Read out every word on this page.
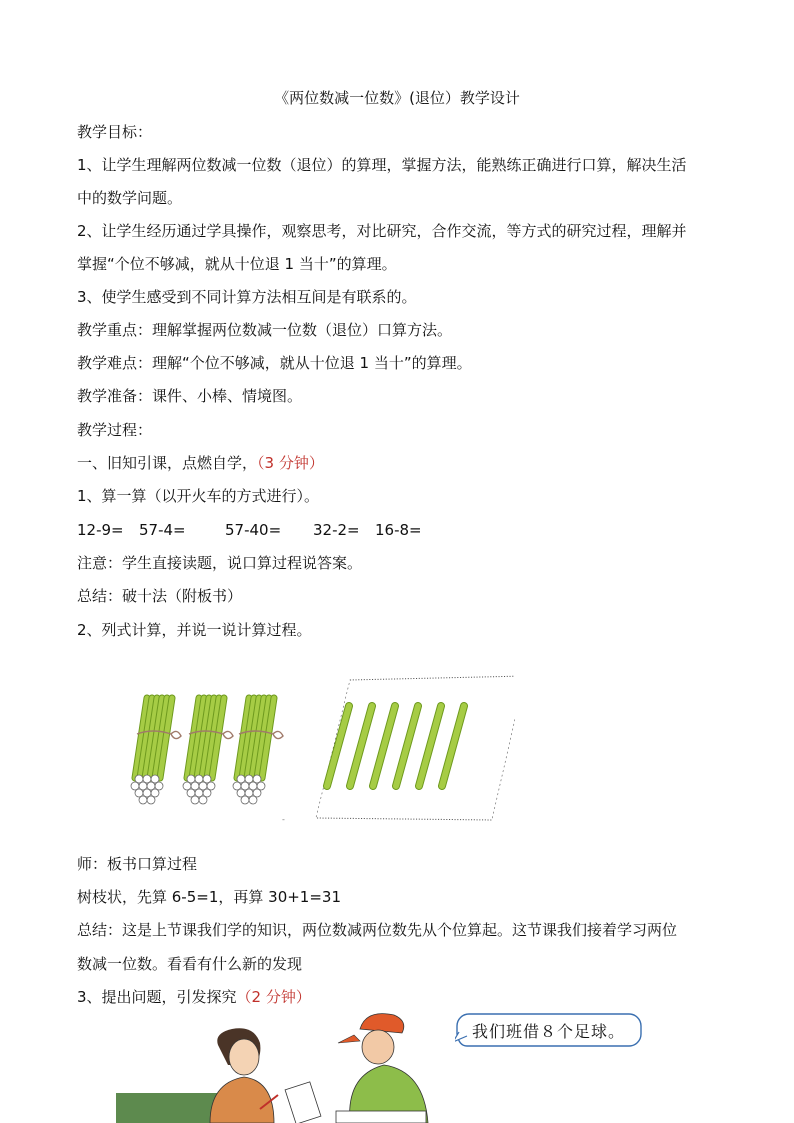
《两位数减一位数》(退位）教学设计
教学目标：
1、让学生理解两位数减一位数（退位）的算理，掌握方法，能熟练正确进行口算，解决生活
中的数学问题。
2、让学生经历通过学具操作，观察思考，对比研究，合作交流，等方式的研究过程，理解并
掌握“个位不够减，就从十位退 1 当十”的算理。
3、使学生感受到不同计算方法相互间是有联系的。
教学重点：理解掌握两位数减一位数（退位）口算方法。
教学难点：理解“个位不够减，就从十位退 1 当十”的算理。
教学准备：课件、小棒、情境图。
教学过程：
一、旧知引课，点燃自学，（3 分钟）
1、算一算（以开火车的方式进行）。
12-9= 57-4=	57-40= 32-2= 16-8=
注意：学生直接读题，说口算过程说答案。
总结：破十法（附板书）
2、列式计算，并说一说计算过程。
-
师：板书口算过程
树枝状，先算 6-5=1，再算 30+1=31
总结：这是上节课我们学的知识，两位数减两位数先从个位算起。这节课我们接着学习两位
数减一位数。看看有什么新的发现
3、提出问题，引发探究（2 分钟）
我们班借８个足球。
